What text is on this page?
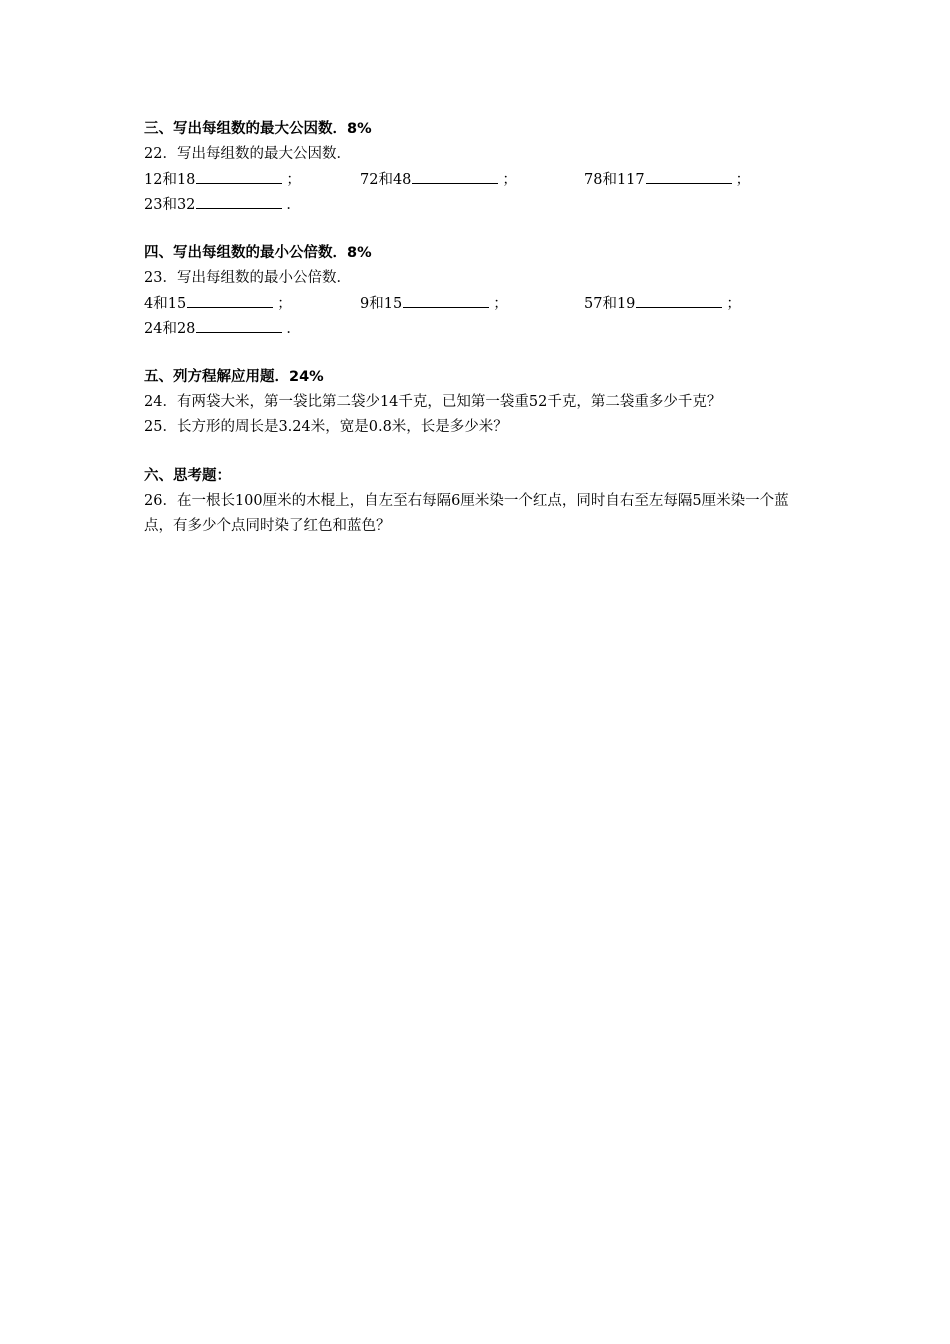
三、写出每组数的最大公因数．8%
22．写出每组数的最大公因数．
12和18	；	72和48	；	78和117	；
23和32	．
四、写出每组数的最小公倍数．8%
23．写出每组数的最小公倍数．
4和15	；	9和15	；	57和19	；
24和28	．
五、列方程解应用题．24%
24．有两袋大米，第一袋比第二袋少14千克，已知第一袋重52千克，第二袋重多少千克？
25．长方形的周长是3.24米，宽是0.8米，长是多少米？
六、思考题：
26．在一根长100厘米的木棍上，自左至右每隔6厘米染一个红点，同时自右至左每隔5厘米染一个蓝点，有多少个点同时染了红色和蓝色？
